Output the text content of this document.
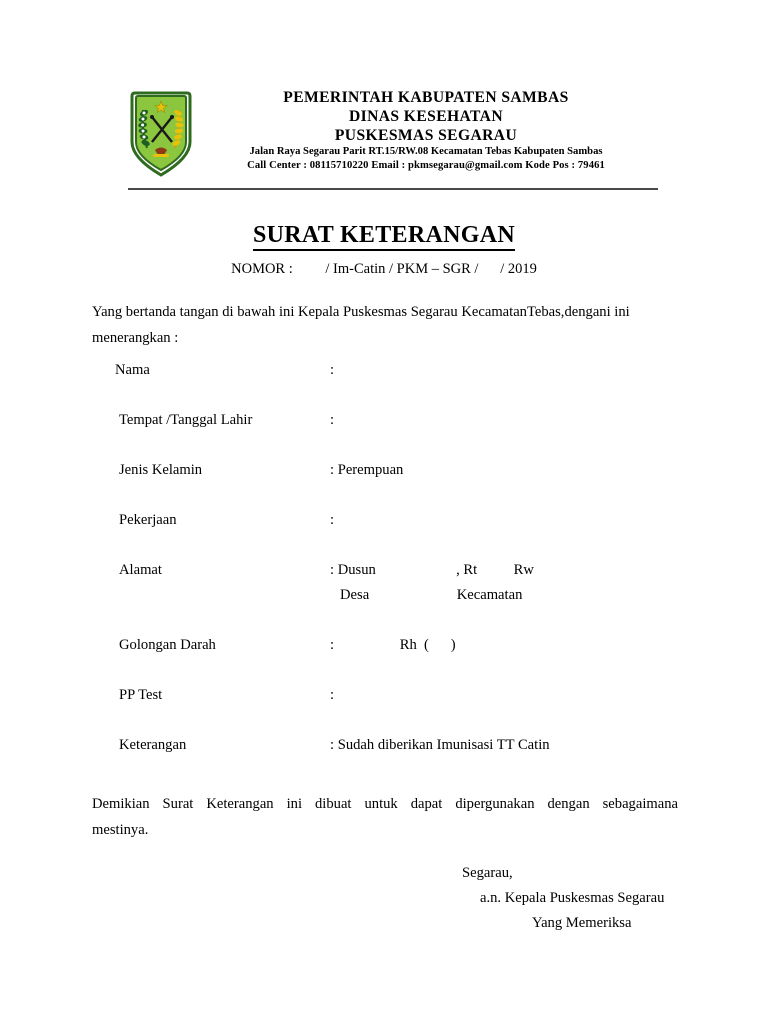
PEMERINTAH KABUPATEN SAMBAS
DINAS KESEHATAN
PUSKESMAS SEGARAU
Jalan Raya Segarau Parit RT.15/RW.08 Kecamatan Tebas Kabupaten Sambas
Call Center : 08115710220 Email : pkmsegarau@gmail.com Kode Pos : 79461
SURAT KETERANGAN
NOMOR :         / Im-Catin / PKM – SGR /      / 2019
Yang bertanda tangan di bawah ini Kepala Puskesmas Segarau KecamatanTebas,dengani ini menerangkan :
Nama	:
Tempat /Tanggal Lahir	:
Jenis Kelamin	: Perempuan
Pekerjaan	:
Alamat	: Dusun                      , Rt          Rw
Desa                        Kecamatan
Golongan Darah	:                  Rh  (      )
PP Test	:
Keterangan	: Sudah diberikan Imunisasi TT Catin
Demikian Surat Keterangan ini dibuat untuk dapat dipergunakan dengan sebagaimana
mestinya.
Segarau,
a.n. Kepala Puskesmas Segarau
Yang Memeriksa
